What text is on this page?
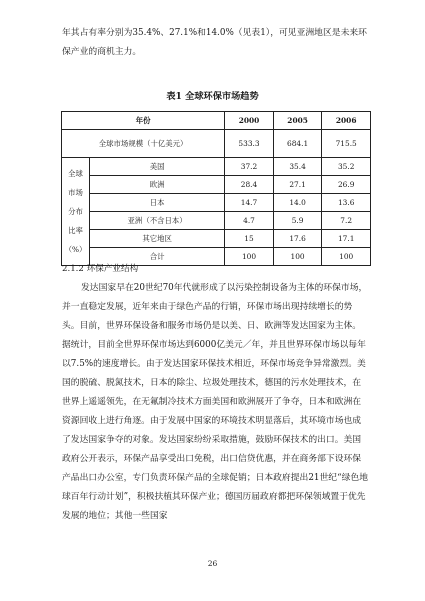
年其占有率分别为35.4%、27.1%和14.0%（见表1），可见亚洲地区是未来环保产业的商机主力。

表1 全球环保市场趋势
年份		2000	2005	2006
全球市场规模（十亿美元）		533.3	684.1	715.5
全球
市场
分布
比率
（%）	美国	37.2	35.4	35.2
	欧洲	28.4	27.1	26.9
	日本	14.7	14.0	13.6
	亚洲（不含日本）	4.7	5.9	7.2
	其它地区	15	17.6	17.1
	合计	100	100	100
2.1.2 环保产业结构

发达国家早在20世纪70年代就形成了以污染控制设备为主体的环保市场，并一直稳定发展，近年来由于绿色产品的行销，环保市场出现持续增长的势头。目前，世界环保设备和服务市场仍是以美、日、欧洲等发达国家为主体。据统计，目前全世界环保市场达到6000亿美元／年，并且世界环保市场以每年以7.5%的速度增长。由于发达国家环保技术相近，环保市场竞争异常激烈。美国的脱硫、脱氮技术，日本的除尘、垃圾处理技术，德国的污水处理技术，在世界上遥遥领先，在无氟制冷技术方面美国和欧洲展开了争夺，日本和欧洲在资源回收上进行角逐。由于发展中国家的环境技术明显落后，其环境市场也成了发达国家争夺的对象。发达国家纷纷采取措施，鼓励环保技术的出口。美国政府公开表示，环保产品享受出口免税，出口信贷优惠，并在商务部下设环保产品出口办公室，专门负责环保产品的全球促销；日本政府提出21世纪“绿色地球百年行动计划”，积极扶植其环保产业；德国历届政府都把环保领域置于优先发展的地位；其他一些国家

26
